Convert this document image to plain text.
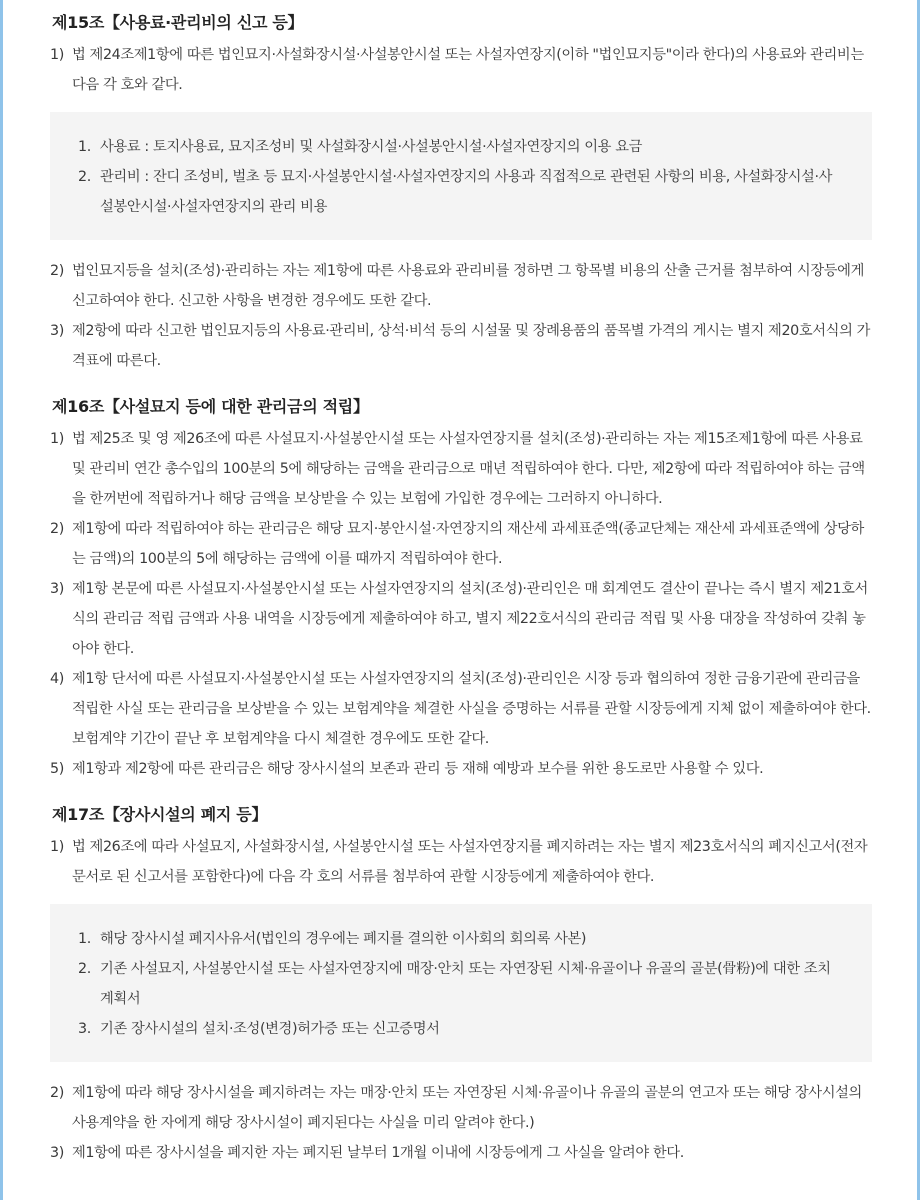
제15조【사용료·관리비의 신고 등】
1) 법 제24조제1항에 따른 법인묘지·사설화장시설·사설봉안시설 또는 사설자연장지(이하 "법인묘지등"이라 한다)의 사용료와 관리비는 다음 각 호와 같다.
1. 사용료 : 토지사용료, 묘지조성비 및 사설화장시설·사설봉안시설·사설자연장지의 이용 요금
2. 관리비 : 잔디 조성비, 벌초 등 묘지·사설봉안시설·사설자연장지의 사용과 직접적으로 관련된 사항의 비용, 사설화장시설·사설봉안시설·사설자연장지의 관리 비용
2) 법인묘지등을 설치(조성)·관리하는 자는 제1항에 따른 사용료와 관리비를 정하면 그 항목별 비용의 산출 근거를 첨부하여 시장등에게 신고하여야 한다. 신고한 사항을 변경한 경우에도 또한 같다.
3) 제2항에 따라 신고한 법인묘지등의 사용료·관리비, 상석·비석 등의 시설물 및 장례용품의 품목별 가격의 게시는 별지 제20호서식의 가격표에 따른다.
제16조【사설묘지 등에 대한 관리금의 적립】
1) 법 제25조 및 영 제26조에 따른 사설묘지·사설봉안시설 또는 사설자연장지를 설치(조성)·관리하는 자는 제15조제1항에 따른 사용료 및 관리비 연간 총수입의 100분의 5에 해당하는 금액을 관리금으로 매년 적립하여야 한다. 다만, 제2항에 따라 적립하여야 하는 금액을 한꺼번에 적립하거나 해당 금액을 보상받을 수 있는 보험에 가입한 경우에는 그러하지 아니하다.
2) 제1항에 따라 적립하여야 하는 관리금은 해당 묘지·봉안시설·자연장지의 재산세 과세표준액(종교단체는 재산세 과세표준액에 상당하는 금액)의 100분의 5에 해당하는 금액에 이를 때까지 적립하여야 한다.
3) 제1항 본문에 따른 사설묘지·사설봉안시설 또는 사설자연장지의 설치(조성)·관리인은 매 회계연도 결산이 끝나는 즉시 별지 제21호서식의 관리금 적립 금액과 사용 내역을 시장등에게 제출하여야 하고, 별지 제22호서식의 관리금 적립 및 사용 대장을 작성하여 갖춰 놓아야 한다.
4) 제1항 단서에 따른 사설묘지·사설봉안시설 또는 사설자연장지의 설치(조성)·관리인은 시장 등과 협의하여 정한 금융기관에 관리금을 적립한 사실 또는 관리금을 보상받을 수 있는 보험계약을 체결한 사실을 증명하는 서류를 관할 시장등에게 지체 없이 제출하여야 한다. 보험계약 기간이 끝난 후 보험계약을 다시 체결한 경우에도 또한 같다.
5) 제1항과 제2항에 따른 관리금은 해당 장사시설의 보존과 관리 등 재해 예방과 보수를 위한 용도로만 사용할 수 있다.
제17조【장사시설의 폐지 등】
1) 법 제26조에 따라 사설묘지, 사설화장시설, 사설봉안시설 또는 사설자연장지를 폐지하려는 자는 별지 제23호서식의 폐지신고서(전자문서로 된 신고서를 포함한다)에 다음 각 호의 서류를 첨부하여 관할 시장등에게 제출하여야 한다.
1. 해당 장사시설 폐지사유서(법인의 경우에는 폐지를 결의한 이사회의 회의록 사본)
2. 기존 사설묘지, 사설봉안시설 또는 사설자연장지에 매장·안치 또는 자연장된 시체·유골이나 유골의 골분(骨粉)에 대한 조치계획서
3. 기존 장사시설의 설치·조성(변경)허가증 또는 신고증명서
2) 제1항에 따라 해당 장사시설을 폐지하려는 자는 매장·안치 또는 자연장된 시체·유골이나 유골의 골분의 연고자 또는 해당 장사시설의 사용계약을 한 자에게 해당 장사시설이 폐지된다는 사실을 미리 알려야 한다.)
3) 제1항에 따른 장사시설을 폐지한 자는 폐지된 날부터 1개월 이내에 시장등에게 그 사실을 알려야 한다.
